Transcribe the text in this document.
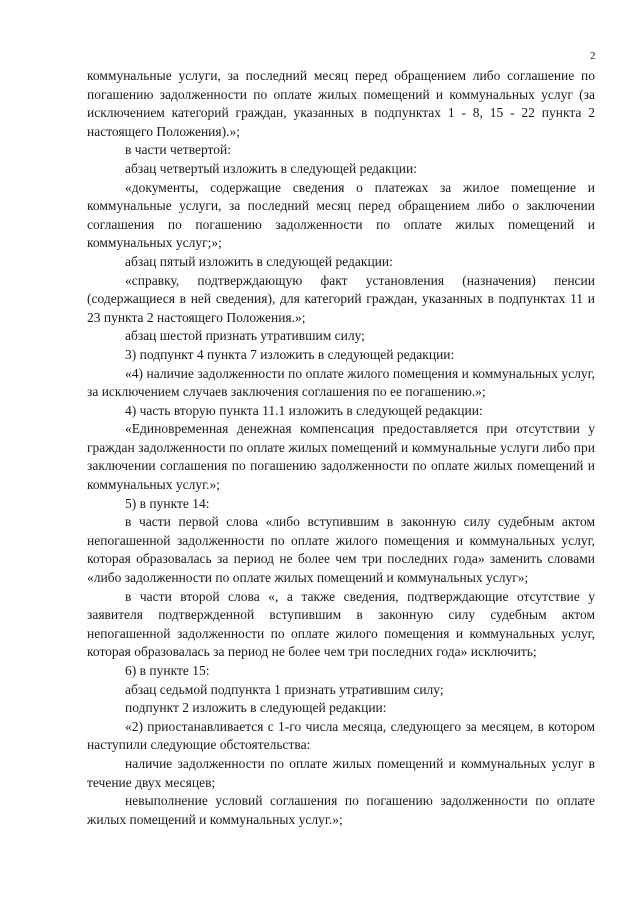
2

коммунальные услуги, за последний месяц перед обращением либо соглашение по погашению задолженности по оплате жилых помещений и коммунальных услуг (за исключением категорий граждан, указанных в подпунктах 1 - 8, 15 - 22 пункта 2 настоящего Положения).»;

в части четвертой:

абзац четвертый изложить в следующей редакции:

«документы, содержащие сведения о платежах за жилое помещение и коммунальные услуги, за последний месяц перед обращением либо о заключении соглашения по погашению задолженности по оплате жилых помещений и коммунальных услуг;»;

абзац пятый изложить в следующей редакции:

«справку, подтверждающую факт установления (назначения) пенсии (содержащиеся в ней сведения), для категорий граждан, указанных в подпунктах 11 и 23 пункта 2 настоящего Положения.»;

абзац шестой признать утратившим силу;

3) подпункт 4 пункта 7 изложить в следующей редакции:

«4) наличие задолженности по оплате жилого помещения и коммунальных услуг, за исключением случаев заключения соглашения по ее погашению.»;

4) часть вторую пункта 11.1 изложить в следующей редакции:

«Единовременная денежная компенсация предоставляется при отсутствии у граждан задолженности по оплате жилых помещений и коммунальные услуги либо при заключении соглашения по погашению задолженности по оплате жилых помещений и коммунальных услуг.»;

5) в пункте 14:

в части первой слова «либо вступившим в законную силу судебным актом непогашенной задолженности по оплате жилого помещения и коммунальных услуг, которая образовалась за период не более чем три последних года» заменить словами «либо задолженности по оплате жилых помещений и коммунальных услуг»;

в части второй слова «, а также сведения, подтверждающие отсутствие у заявителя подтвержденной вступившим в законную силу судебным актом непогашенной задолженности по оплате жилого помещения и коммунальных услуг, которая образовалась за период не более чем три последних года» исключить;

6) в пункте 15:

абзац седьмой подпункта 1 признать утратившим силу;

подпункт 2 изложить в следующей редакции:

«2) приостанавливается с 1-го числа месяца, следующего за месяцем, в котором наступили следующие обстоятельства:

наличие задолженности по оплате жилых помещений и коммунальных услуг в течение двух месяцев;

невыполнение условий соглашения по погашению задолженности по оплате жилых помещений и коммунальных услуг.»;
